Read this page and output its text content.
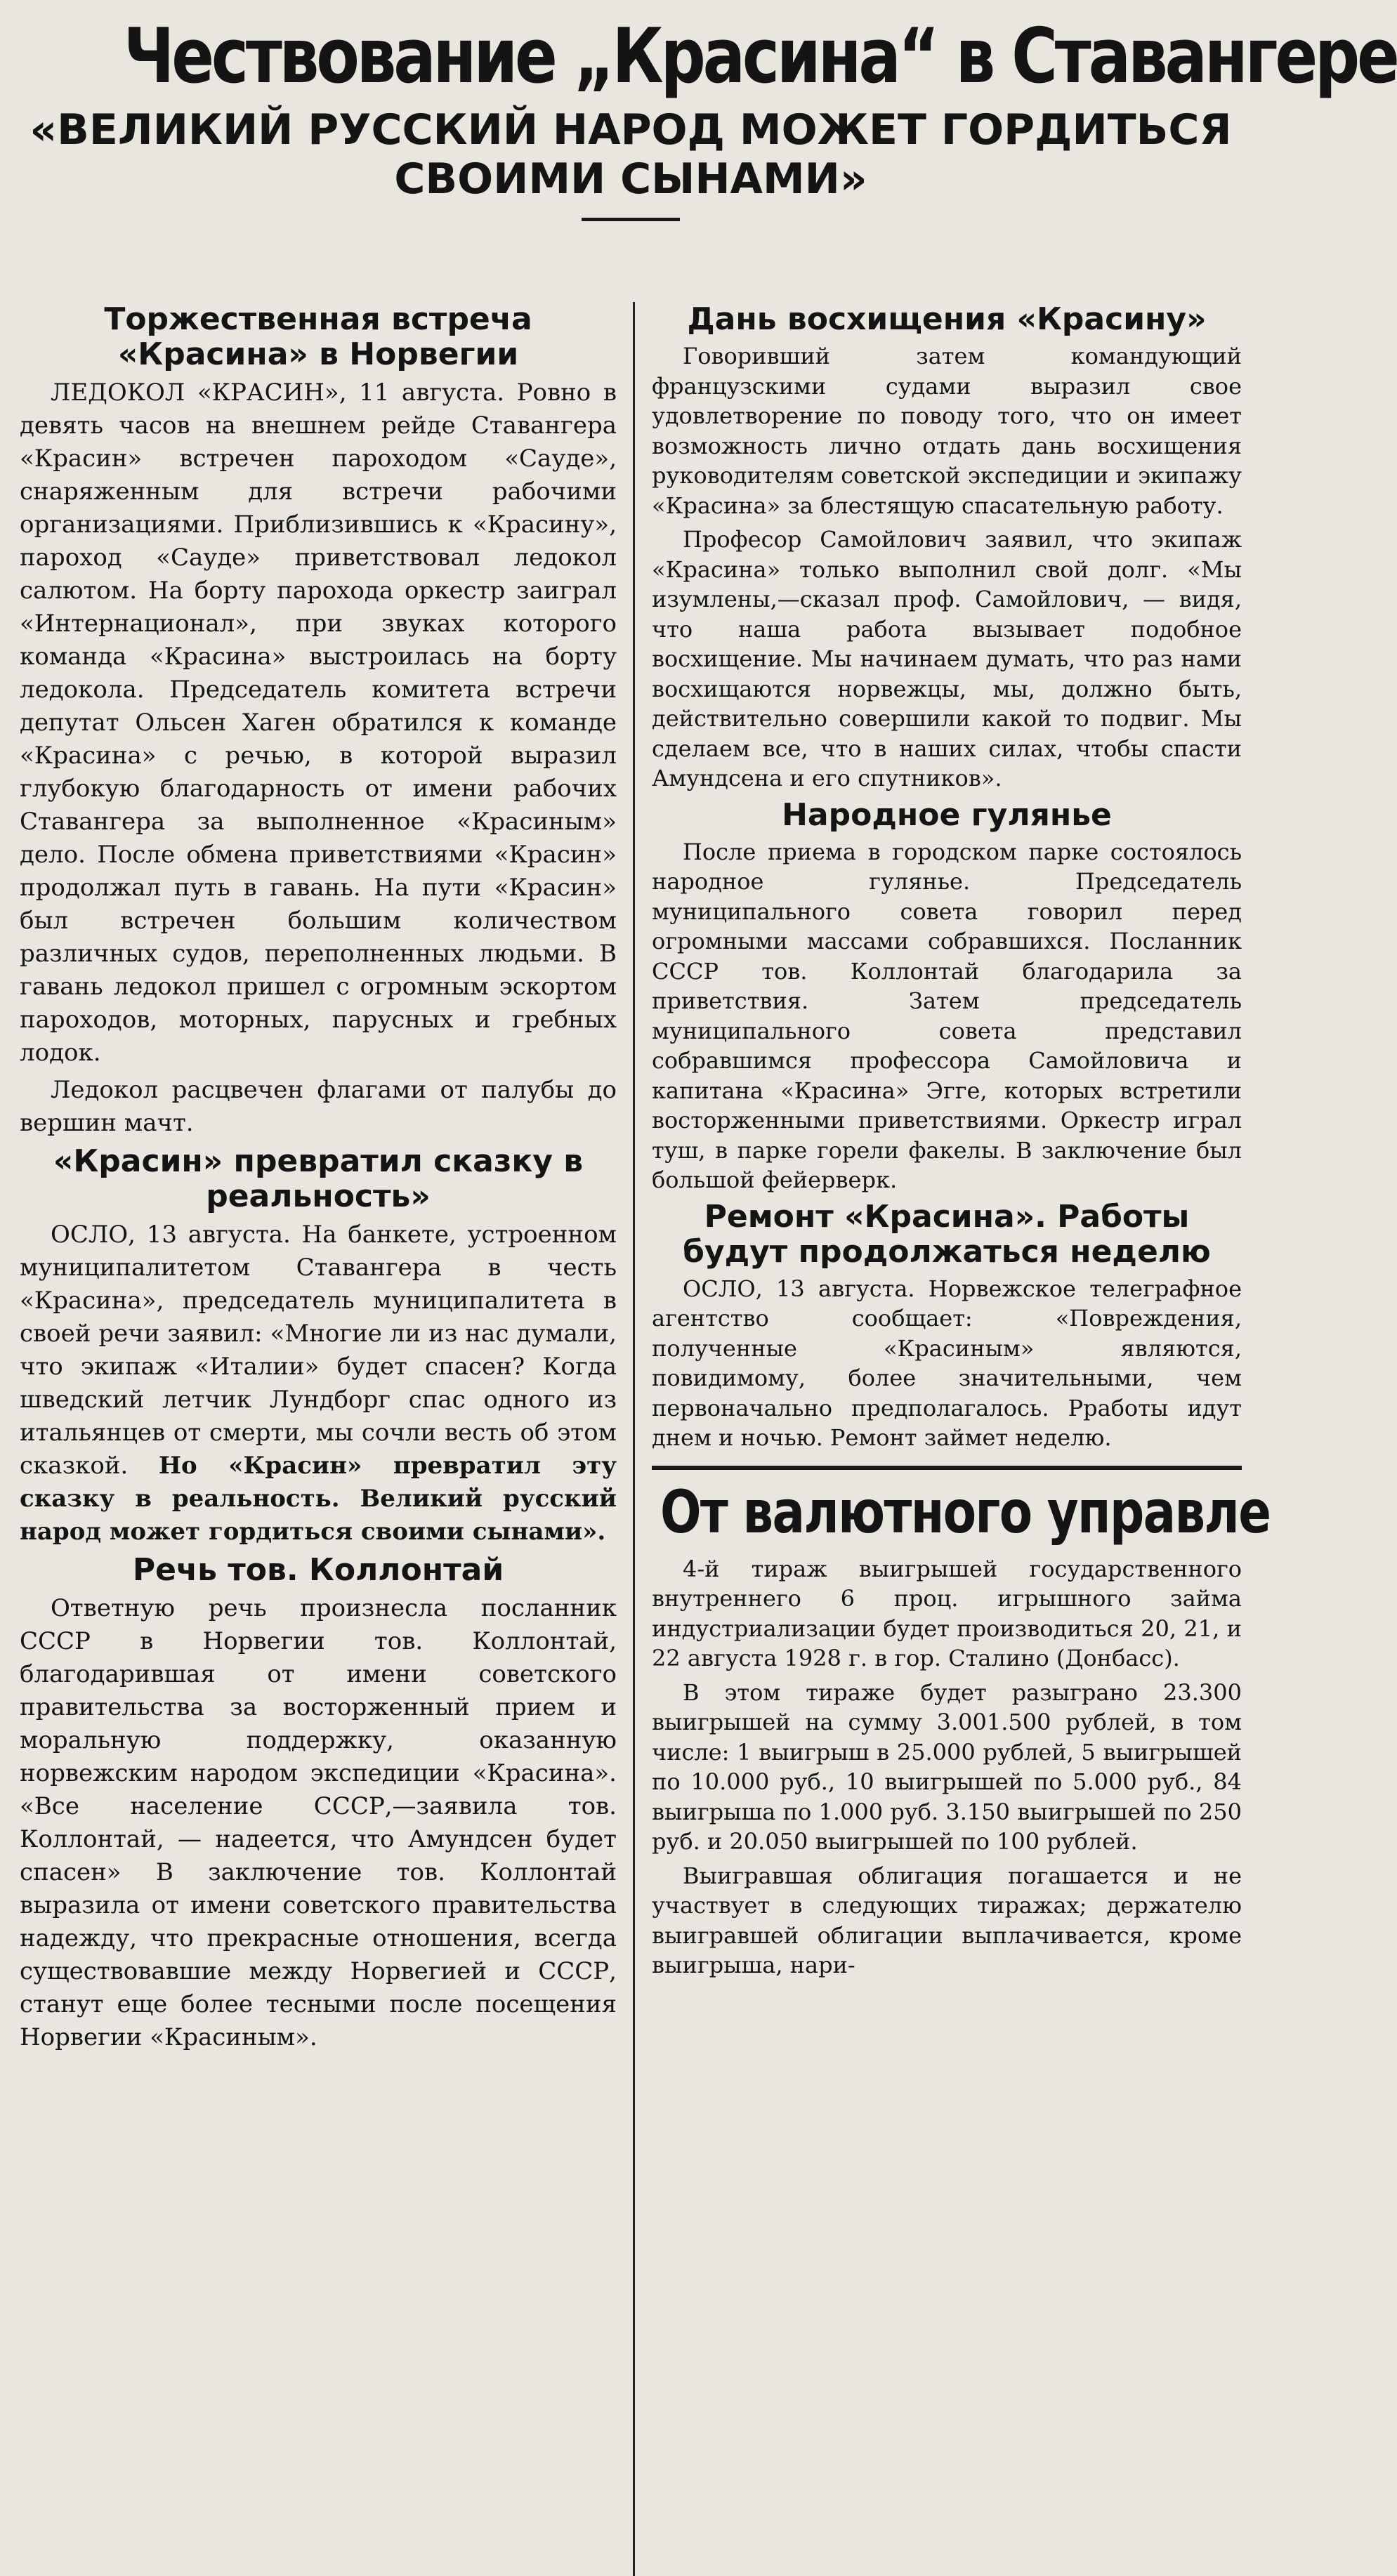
Чествование „Красина“ в Ставангере
«ВЕЛИКИЙ РУССКИЙ НАРОД МОЖЕТ ГОРДИТЬСЯ СВОИМИ СЫНАМИ»
Торжественная встреча «Красина» в Норвегии

ЛЕДОКОЛ «КРАСИН», 11 августа. Ровно в девять часов на внешнем рейде Ставангера «Красин» встречен пароходом «Сауде», снаряженным для встречи рабочими организациями. Приблизившись к «Красину», пароход «Сауде» приветствовал ледокол салютом. На борту парохода оркестр заиграл «Интернационал», при звуках которого команда «Красина» выстроилась на борту ледокола. Председатель комитета встречи депутат Ольсен Хаген обратился к команде «Красина» с речью, в которой выразил глубокую благодарность от имени рабочих Ставангера за выполненное «Красиным» дело. После обмена приветствиями «Красин» продолжал путь в гавань. На пути «Красин» был встречен большим количеством различных судов, переполненных людьми. В гавань ледокол пришел с огромным эскортом пароходов, моторных, парусных и гребных лодок.

Ледокол расцвечен флагами от палубы до вершин мачт.

«Красин» превратил сказку в реальность»

ОСЛО, 13 августа. На банкете, устроенном муниципалитетом Ставангера в честь «Красина», председатель муниципалитета в своей речи заявил: «Многие ли из нас думали, что экипаж «Италии» будет спасен? Когда шведский летчик Лундборг спас одного из итальянцев от смерти, мы сочли весть об этом сказкой. Но «Красин» превратил эту сказку в реальность. Великий русский народ может гордиться своими сынами».

Речь тов. Коллонтай

Ответную речь произнесла посланник СССР в Норвегии тов. Коллонтай, благодарившая от имени советского правительства за восторженный прием и моральную поддержку, оказанную норвежским народом экспедиции «Красина». «Все население СССР,—заявила тов. Коллонтай, — надеется, что Амундсен будет спасен» В заключение тов. Коллонтай выразила от имени советского правительства надежду, что прекрасные отношения, всегда существовавшие между Норвегией и СССР, станут еще более тесными после посещения Норвегии «Красиным».

Дань восхищения «Красину»

Говоривший затем командующий французскими судами выразил свое удовлетворение по поводу того, что он имеет возможность лично отдать дань восхищения руководителям советской экспедиции и экипажу «Красина» за блестящую спасательную работу.

Професор Самойлович заявил, что экипаж «Красина» только выполнил свой долг. «Мы изумлены,—сказал проф. Самойлович, — видя, что наша работа вызывает подобное восхищение. Мы начинаем думать, что раз нами восхищаются норвежцы, мы, должно быть, действительно совершили какой то подвиг. Мы сделаем все, что в наших силах, чтобы спасти Амундсена и его спутников».

Народное гулянье

После приема в городском парке состоялось народное гулянье. Председатель муниципального совета говорил перед огромными массами собравшихся. Посланник СССР тов. Коллонтай благодарила за приветствия. Затем председатель муниципального совета представил собравшимся профессора Самойловича и капитана «Красина» Эгге, которых встретили восторженными приветствиями. Оркестр играл туш, в парке горели факелы. В заключение был большой фейерверк.

Ремонт «Красина». Работы будут продолжаться неделю

ОСЛО, 13 августа. Норвежское телеграфное агентство сообщает: «Повреждения, полученные «Красиным» являются, повидимому, более значительными, чем первоначально предполагалось. Рработы идут днем и ночью. Ремонт займет неделю.

От валютного управле

4-й тираж выигрышей государственного внутреннего 6 проц. игрышного займа индустриализации будет производиться 20, 21, и 22 августа 1928 г. в гор. Сталино (Донбасс).

В этом тираже будет разыграно 23.300 выигрышей на сумму 3.001.500 рублей, в том числе: 1 выигрыш в 25.000 рублей, 5 выигрышей по 10.000 руб., 10 выигрышей по 5.000 руб., 84 выигрыша по 1.000 руб. 3.150 выигрышей по 250 руб. и 20.050 выигрышей по 100 рублей.

Выигравшая облигация погашается и не участвует в следующих тиражах; держателю выигравшей облигации выплачивается, кроме выигрыша, нари-
